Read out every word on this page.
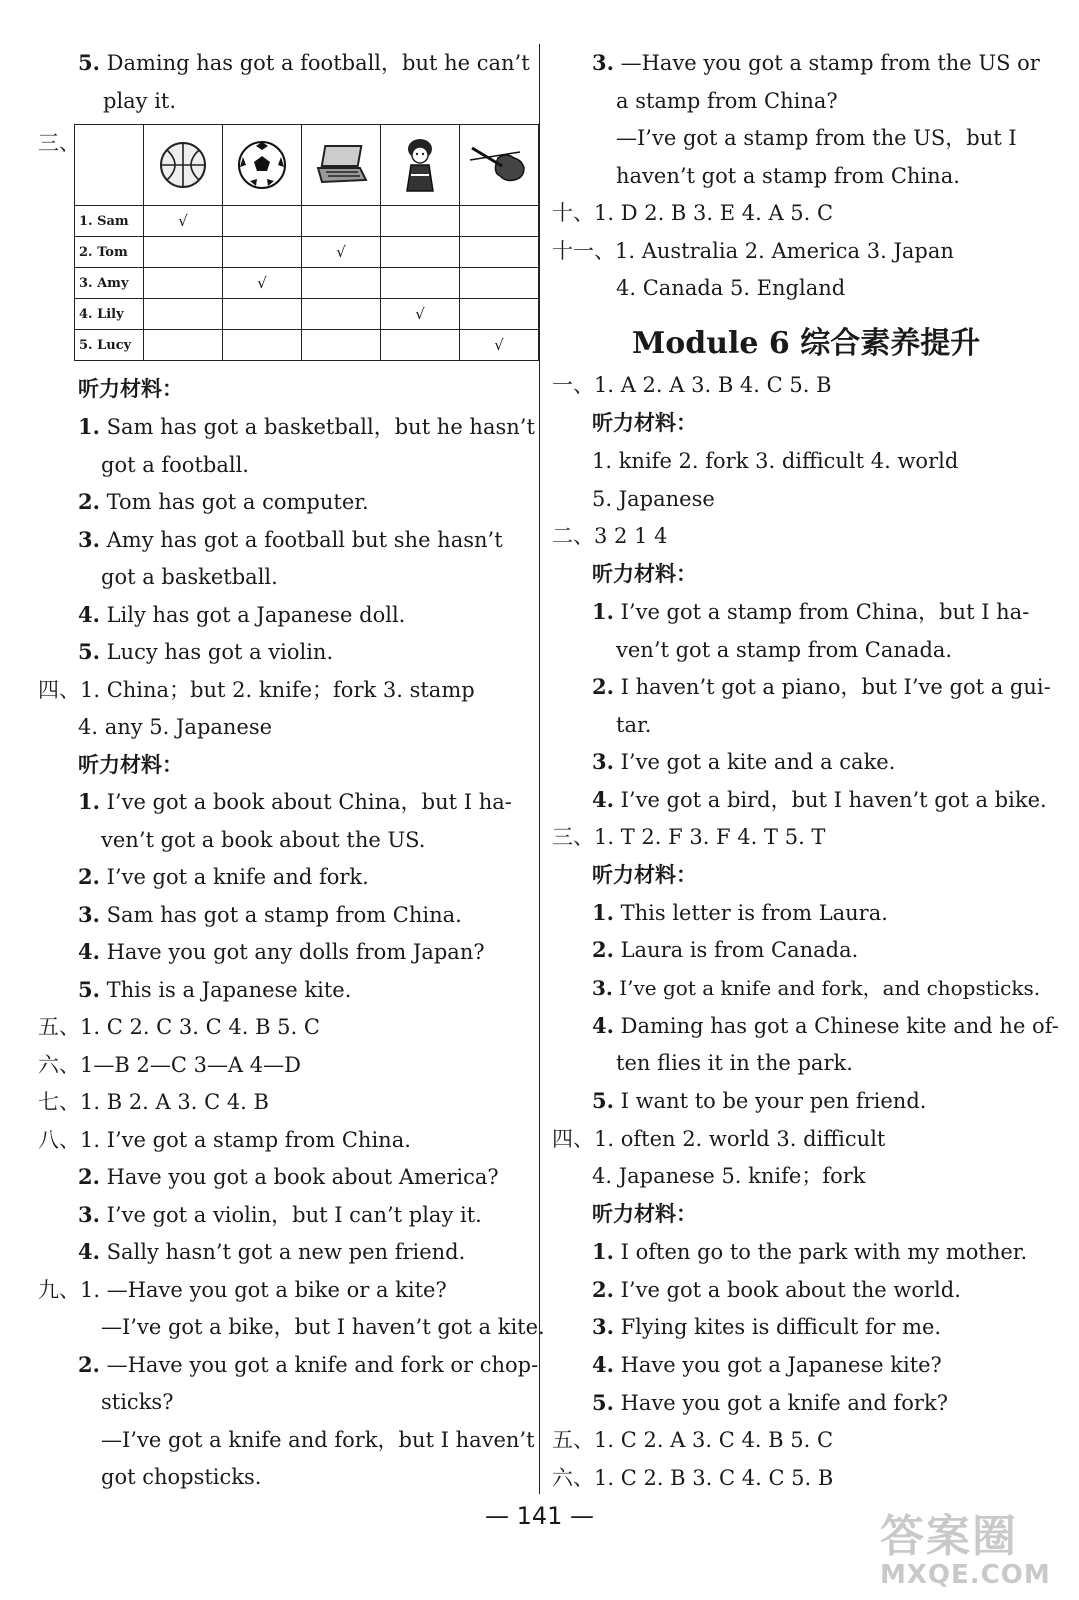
5. Daming has got a football，but he can’t
play it.
三、

1. Sam	√				
2. Tom			√		
3. Amy		√			
4. Lily				√	
5. Lucy					√
听力材料：
1. Sam has got a basketball，but he hasn’t
got a football.
2. Tom has got a computer.
3. Amy has got a football but she hasn’t
got a basketball.
4. Lily has got a Japanese doll.
5. Lucy has got a violin.
四、1. China；but 2. knife；fork 3. stamp
4. any 5. Japanese
听力材料：
1. I’ve got a book about China，but I ha-
ven’t got a book about the US.
2. I’ve got a knife and fork.
3. Sam has got a stamp from China.
4. Have you got any dolls from Japan?
5. This is a Japanese kite.
五、1. C 2. C 3. C 4. B 5. C
六、1—B 2—C 3—A 4—D
七、1. B 2. A 3. C 4. B
八、1. I’ve got a stamp from China.
2. Have you got a book about America?
3. I’ve got a violin，but I can’t play it.
4. Sally hasn’t got a new pen friend.
九、1. —Have you got a bike or a kite?
—I’ve got a bike，but I haven’t got a kite.
2. —Have you got a knife and fork or chop-
sticks?
—I’ve got a knife and fork，but I haven’t
got chopsticks.
3. —Have you got a stamp from the US or
a stamp from China?
—I’ve got a stamp from the US，but I
haven’t got a stamp from China.
十、1. D 2. B 3. E 4. A 5. C
十一、1. Australia 2. America 3. Japan
4. Canada 5. England
Module 6 综合素养提升
一、1. A 2. A 3. B 4. C 5. B
听力材料：
1. knife 2. fork 3. difficult 4. world
5. Japanese
二、3 2 1 4
听力材料：
1. I’ve got a stamp from China，but I ha-
ven’t got a stamp from Canada.
2. I haven’t got a piano，but I’ve got a gui-
tar.
3. I’ve got a kite and a cake.
4. I’ve got a bird，but I haven’t got a bike.
三、1. T 2. F 3. F 4. T 5. T
听力材料：
1. This letter is from Laura.
2. Laura is from Canada.
3. I’ve got a knife and fork，and chopsticks.
4. Daming has got a Chinese kite and he of-
ten flies it in the park.
5. I want to be your pen friend.
四、1. often 2. world 3. difficult
4. Japanese 5. knife；fork
听力材料：
1. I often go to the park with my mother.
2. I’ve got a book about the world.
3. Flying kites is difficult for me.
4. Have you got a Japanese kite?
5. Have you got a knife and fork?
五、1. C 2. A 3. C 4. B 5. C
六、1. C 2. B 3. C 4. C 5. B
— 141 —	答案圈
MXQE.COM
